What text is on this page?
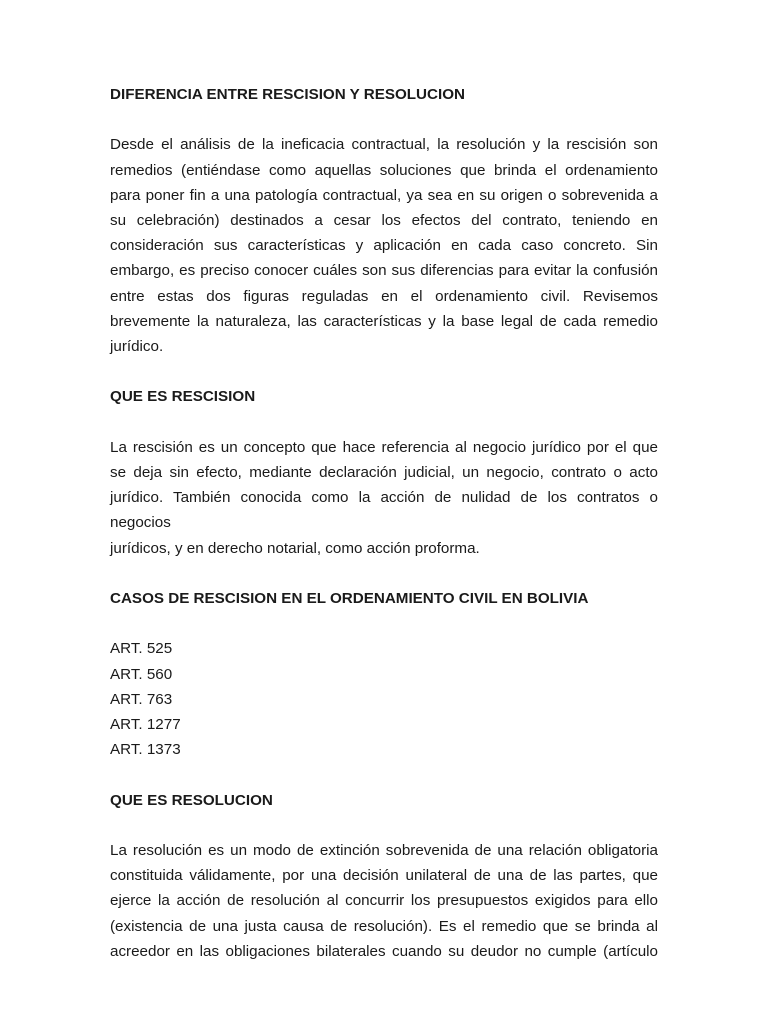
DIFERENCIA ENTRE RESCISION Y RESOLUCION

Desde el análisis de la ineficacia contractual, la resolución y la rescisión son
remedios (entiéndase como aquellas soluciones que brinda el ordenamiento
para poner fin a una patología contractual, ya sea en su origen o sobrevenida a
su celebración) destinados a cesar los efectos del contrato, teniendo en
consideración sus características y aplicación en cada caso concreto. Sin
embargo, es preciso conocer cuáles son sus diferencias para evitar la confusión
entre estas dos figuras reguladas en el ordenamiento civil. Revisemos
brevemente la naturaleza, las características y la base legal de cada remedio
jurídico.

QUE ES RESCISION

La rescisión es un concepto que hace referencia al negocio jurídico por el que
se deja sin efecto, mediante declaración judicial, un negocio, contrato o acto
jurídico. También conocida como la acción de nulidad de los contratos o negocios
jurídicos, y en derecho notarial, como acción proforma.

CASOS DE RESCISION EN EL ORDENAMIENTO CIVIL EN BOLIVIA

ART. 525
ART. 560
ART. 763
ART. 1277
ART. 1373

QUE ES RESOLUCION

La resolución es un modo de extinción sobrevenida de una relación obligatoria
constituida válidamente, por una decisión unilateral de una de las partes, que
ejerce la acción de resolución al concurrir los presupuestos exigidos para ello
(existencia de una justa causa de resolución). Es el remedio que se brinda al
acreedor en las obligaciones bilaterales cuando su deudor no cumple (artículo
